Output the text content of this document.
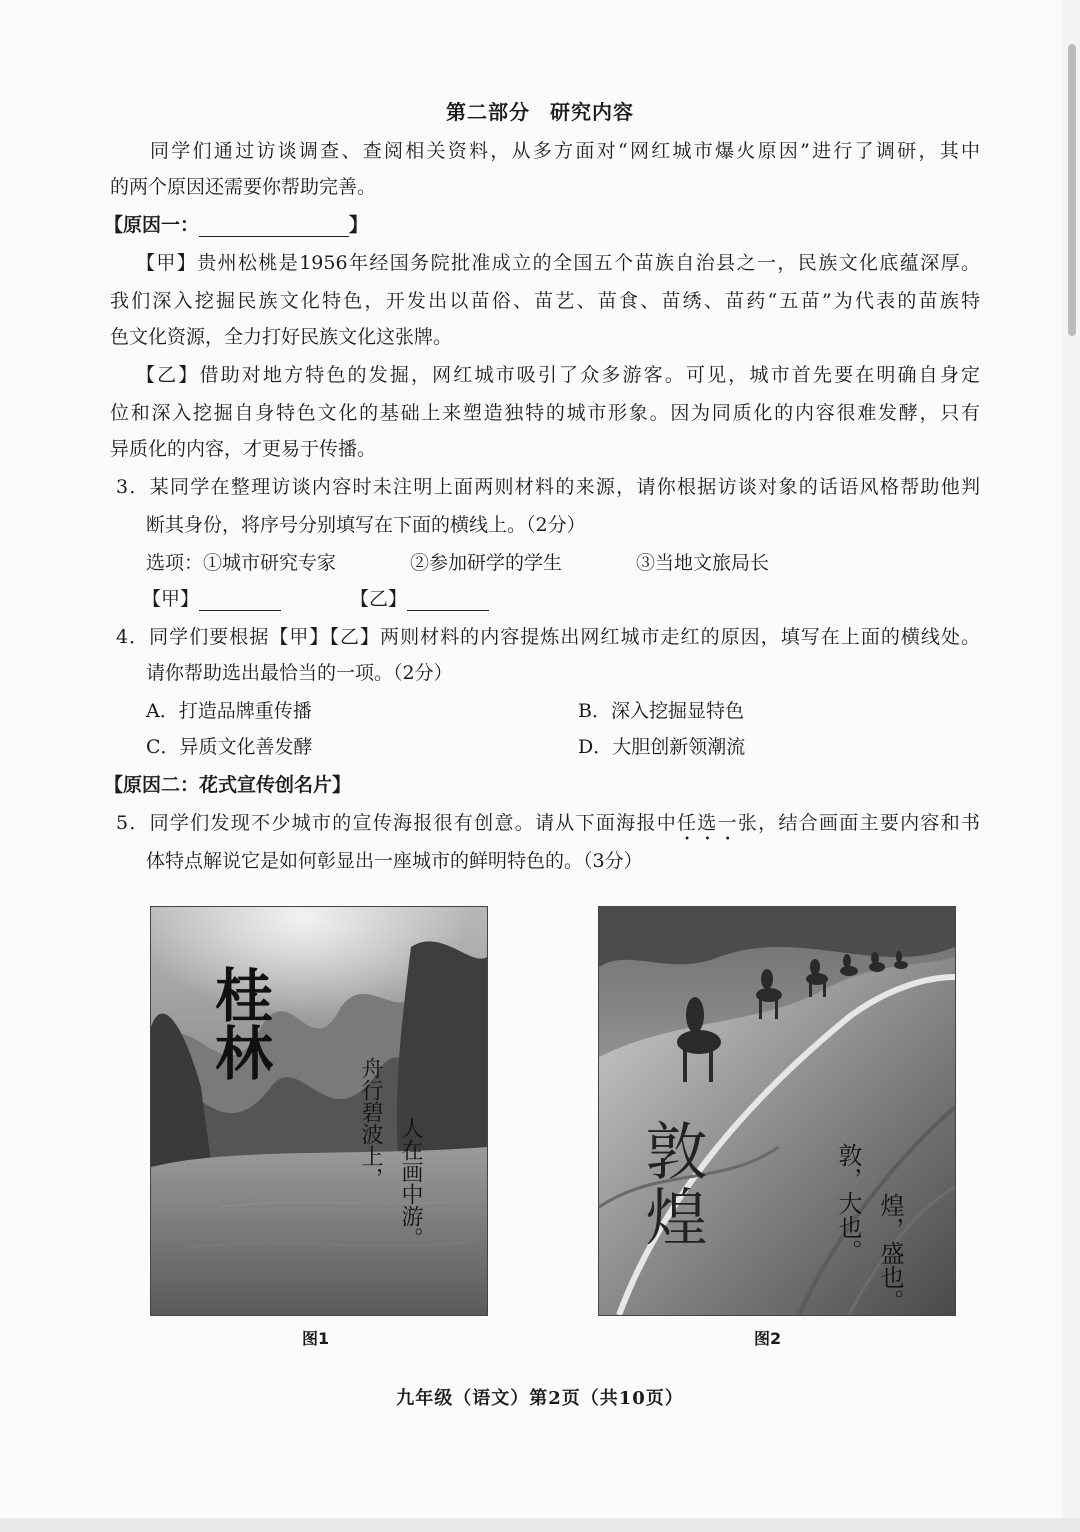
第二部分 研究内容
同学们通过访谈调查、查阅相关资料，从多方面对“网红城市爆火原因”进行了调研，其中
的两个原因还需要你帮助完善。
【原因一：	】
【甲】贵州松桃是1956年经国务院批准成立的全国五个苗族自治县之一，民族文化底蕴深厚。
我们深入挖掘民族文化特色，开发出以苗俗、苗艺、苗食、苗绣、苗药“五苗”为代表的苗族特
色文化资源，全力打好民族文化这张牌。
【乙】借助对地方特色的发掘，网红城市吸引了众多游客。可见，城市首先要在明确自身定
位和深入挖掘自身特色文化的基础上来塑造独特的城市形象。因为同质化的内容很难发酵，只有
异质化的内容，才更易于传播。
3．某同学在整理访谈内容时未注明上面两则材料的来源，请你根据访谈对象的话语风格帮助他判
断其身份，将序号分别填写在下面的横线上。（2分）
选项：①城市研究专家	②参加研学的学生	③当地文旅局长
【甲】	【乙】
4．同学们要根据【甲】【乙】两则材料的内容提炼出网红城市走红的原因，填写在上面的横线处。
请你帮助选出最恰当的一项。（2分）
A．打造品牌重传播	B．深入挖掘显特色
C．异质文化善发酵	D．大胆创新领潮流
【原因二：花式宣传创名片】
5．同学们发现不少城市的宣传海报很有创意。请从下面海报中任选一张，结合画面主要内容和书
体特点解说它是如何彰显出一座城市的鲜明特色的。（3分）
桂林
舟行碧波上， 人在画中游。
图1
敦煌	敦，大也。 煌，盛也。
图2
九年级（语文）第2页（共10页）
